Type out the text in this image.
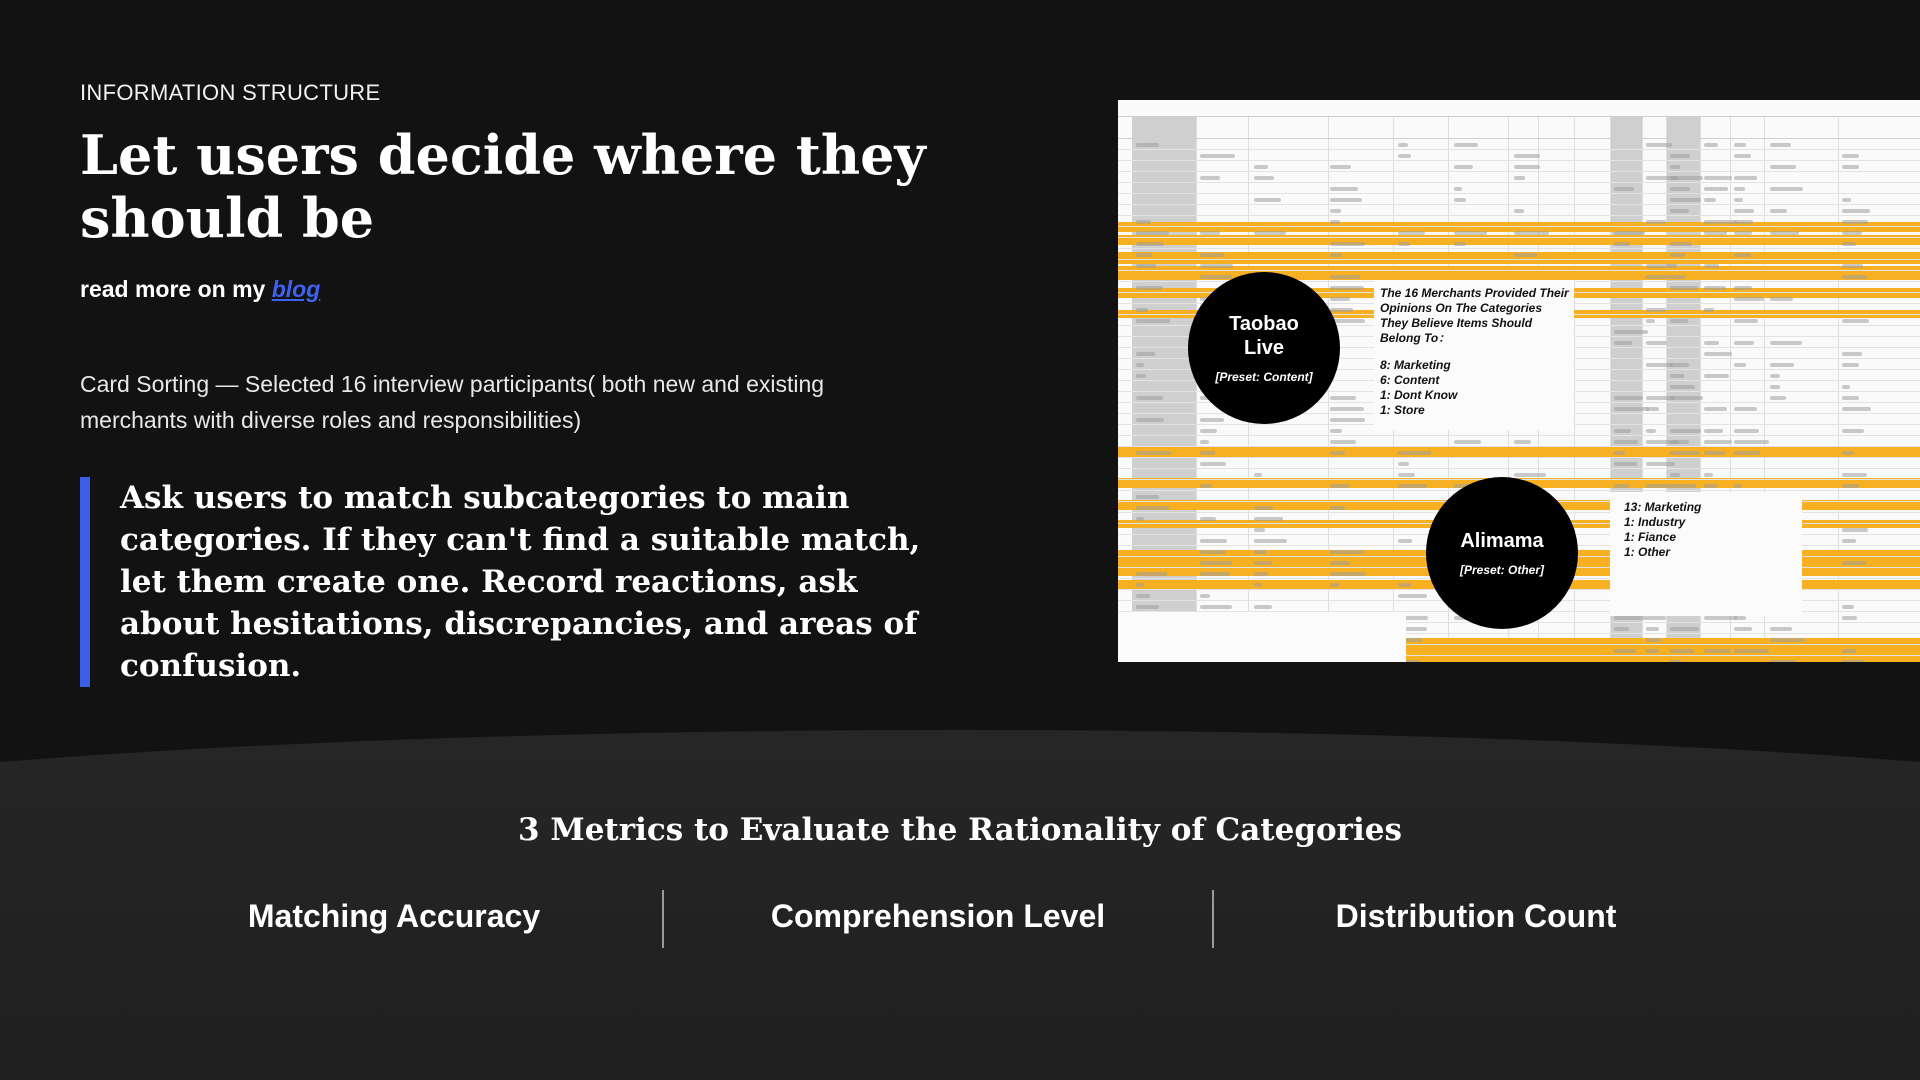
INFORMATION STRUCTURE
Let users decide where they should be
read more on my blog

Card Sorting — Selected 16 interview participants( both new and existing merchants with diverse roles and responsibilities)

Ask users to match subcategories to main categories. If they can't find a suitable match, let them create one. Record reactions, ask about hesitations, discrepancies, and areas of confusion.

The 16 Merchants Provided Their Opinions On The Categories They Believe Items Should Belong To：
8: Marketing
6: Content
1: Dont Know
1: Store
13: Marketing
1: Industry
1: Fiance
1: Other
Taobao Live
[Preset: Content]
Alimama
[Preset: Other]
3 Metrics to Evaluate the Rationality of Categories
Matching Accuracy	Comprehension Level	Distribution Count
